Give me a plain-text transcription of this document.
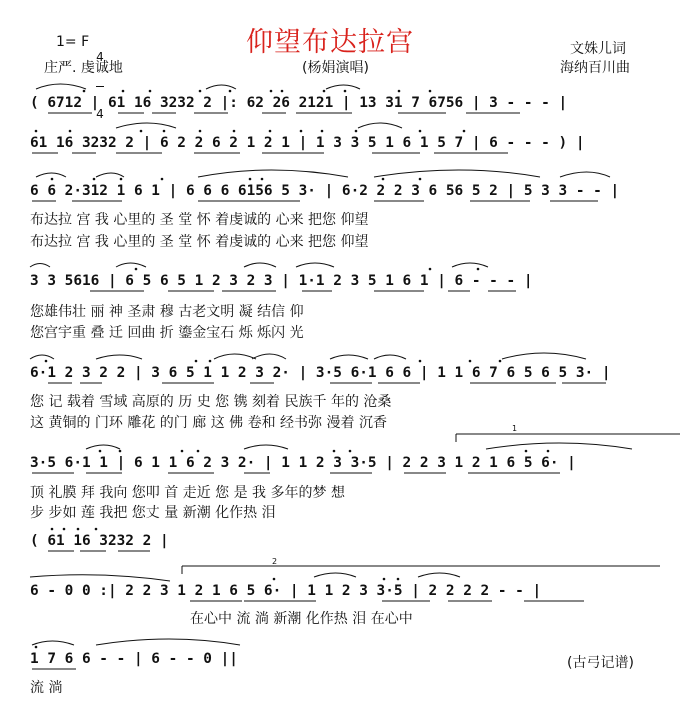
仰望布达拉宫
1= F

4

4

庄严. 虔诚地	(杨娟演唱)
文姝儿词
海纳百川曲
( 6712 | 61 16 3232 2 |: 62 26 2121 | 13 31 7 6756 | 3 - - - |
61 16 3232 2 | 6 2 2 6 2 1 2 1 | 1 3 3 5 1 6 1 5 7 | 6 - - - ) |
6 6 2·312 1 6 1 | 6 6 6 6156 5 3· | 6·2 2 2 3 6 56 5 2 | 5 3 3 - - |
布达拉 宫 我 心里的 圣 堂 怀 着虔诚的 心来 把您 仰望
布达拉 宫 我 心里的 圣 堂 怀 着虔诚的 心来 把您 仰望
3 3 5616 | 6 5 6 5 1 2 3 2 3 | 1·1 2 3 5 1 6 1 | 6 - - - |
您雄伟壮 丽 神 圣肃 穆 古老文明 凝 结信 仰
您宫宇重 叠 迁 回曲 折 鎏金宝石 烁 烁闪 光
6·1 2 3 2 2 | 3 6 5 1 1 2 3 2· | 3·5 6·1 6 6 | 1 1 6 7 6 5 6 5 3· |
您 记 载着 雪域 高原的 历 史 您 镌 刻着 民族千 年的 沧桑
这 黄铜的 门环 雕花 的门 廊 这 佛 卷和 经书弥 漫着 沉香
3·5 6·1 1 | 6 1 1 6 2 3 2· | 1 1 2 3 3·5 | 2 2 3 1 2 1 6 5 6· |
顶 礼膜 拜 我向 您叩 首 走近 您 是 我 多年的梦 想
步 步如 莲 我把 您丈 量 新潮 化作热 泪
( 61 16 3232 2 |
6 - 0 0 :| 2 2 3 1 2 1 6 5 6· | 1 1 2 3 3·5 | 2 2 2 2 - - |
在心中 流 淌 新潮 化作热 泪 在心中
1 7 6 6 - - | 6 - - 0 ||
流 淌
(古弓记谱)
1
2
